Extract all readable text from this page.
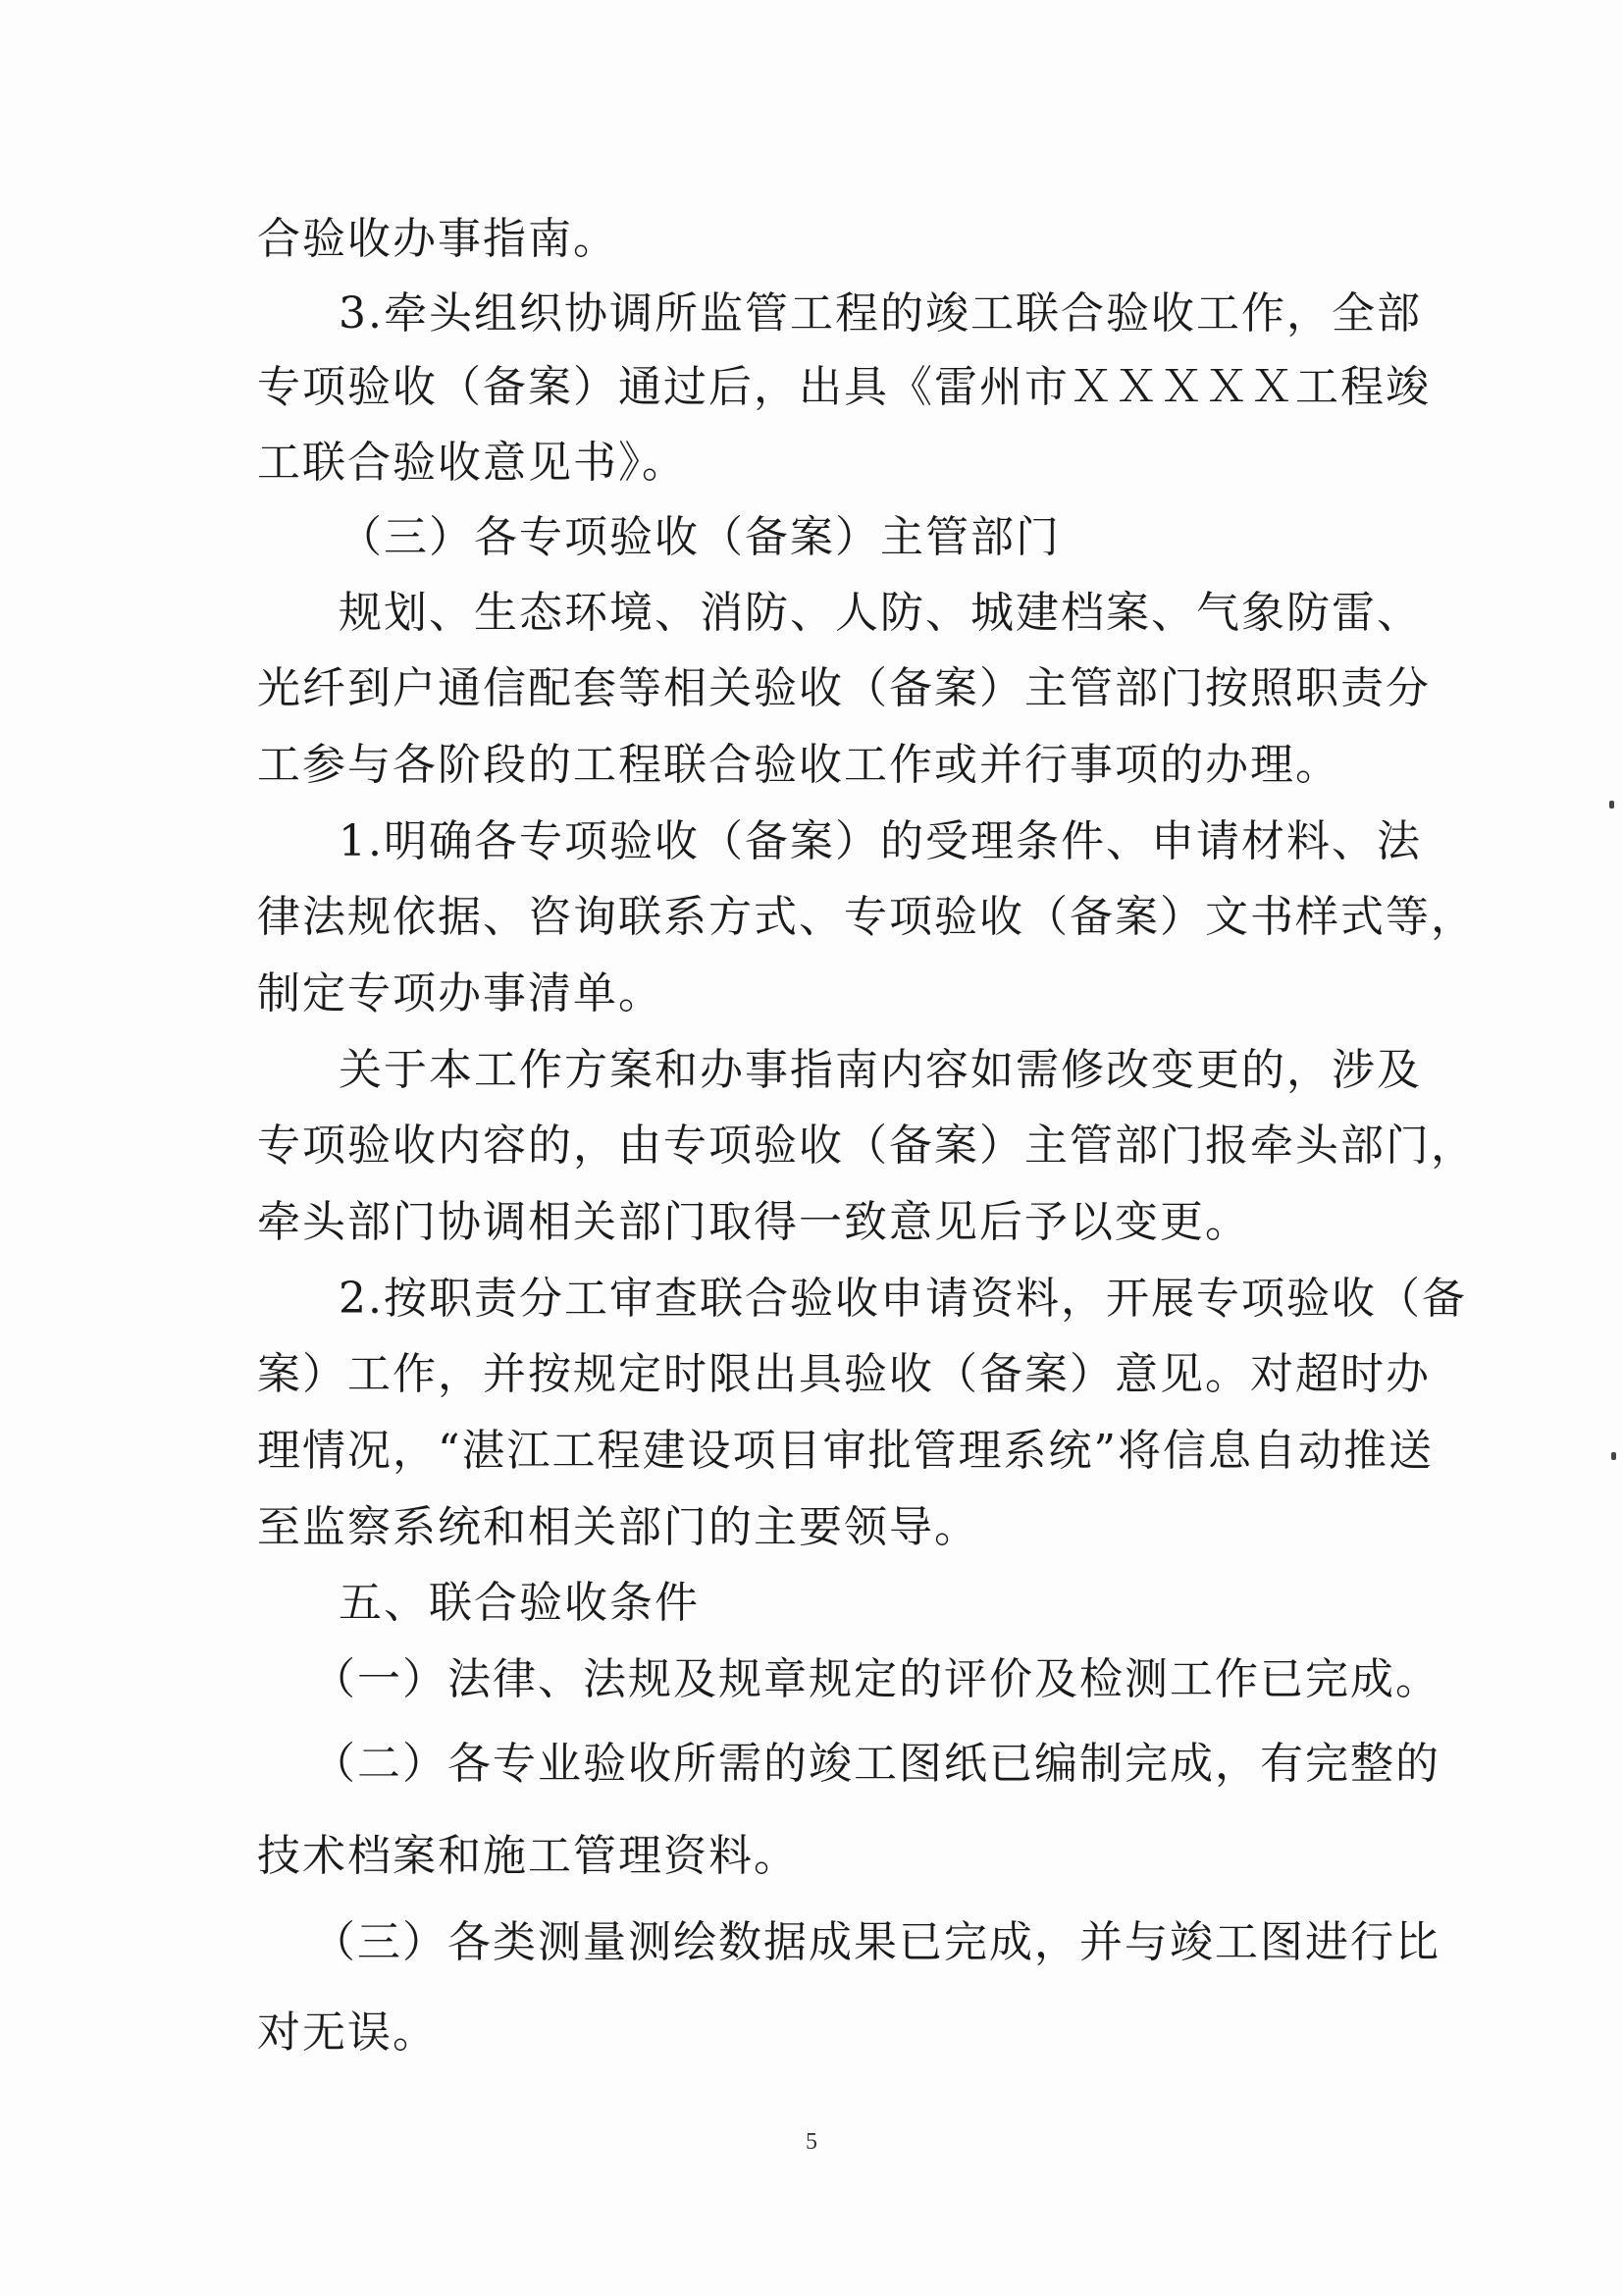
合验收办事指南。
3.牵头组织协调所监管工程的竣工联合验收工作，全部
专项验收（备案）通过后，出具《雷州市ＸＸＸＸＸ工程竣
工联合验收意见书》。
（三）各专项验收（备案）主管部门
规划、生态环境、消防、人防、城建档案、气象防雷、
光纤到户通信配套等相关验收（备案）主管部门按照职责分
工参与各阶段的工程联合验收工作或并行事项的办理。
1.明确各专项验收（备案）的受理条件、申请材料、法
律法规依据、咨询联系方式、专项验收（备案）文书样式等，
制定专项办事清单。
关于本工作方案和办事指南内容如需修改变更的，涉及
专项验收内容的，由专项验收（备案）主管部门报牵头部门，
牵头部门协调相关部门取得一致意见后予以变更。
2.按职责分工审查联合验收申请资料，开展专项验收（备
案）工作，并按规定时限出具验收（备案）意见。对超时办
理情况，“湛江工程建设项目审批管理系统”将信息自动推送
至监察系统和相关部门的主要领导。
五、联合验收条件
（一）法律、法规及规章规定的评价及检测工作已完成。
（二）各专业验收所需的竣工图纸已编制完成，有完整的
技术档案和施工管理资料。
（三）各类测量测绘数据成果已完成，并与竣工图进行比
对无误。
5
